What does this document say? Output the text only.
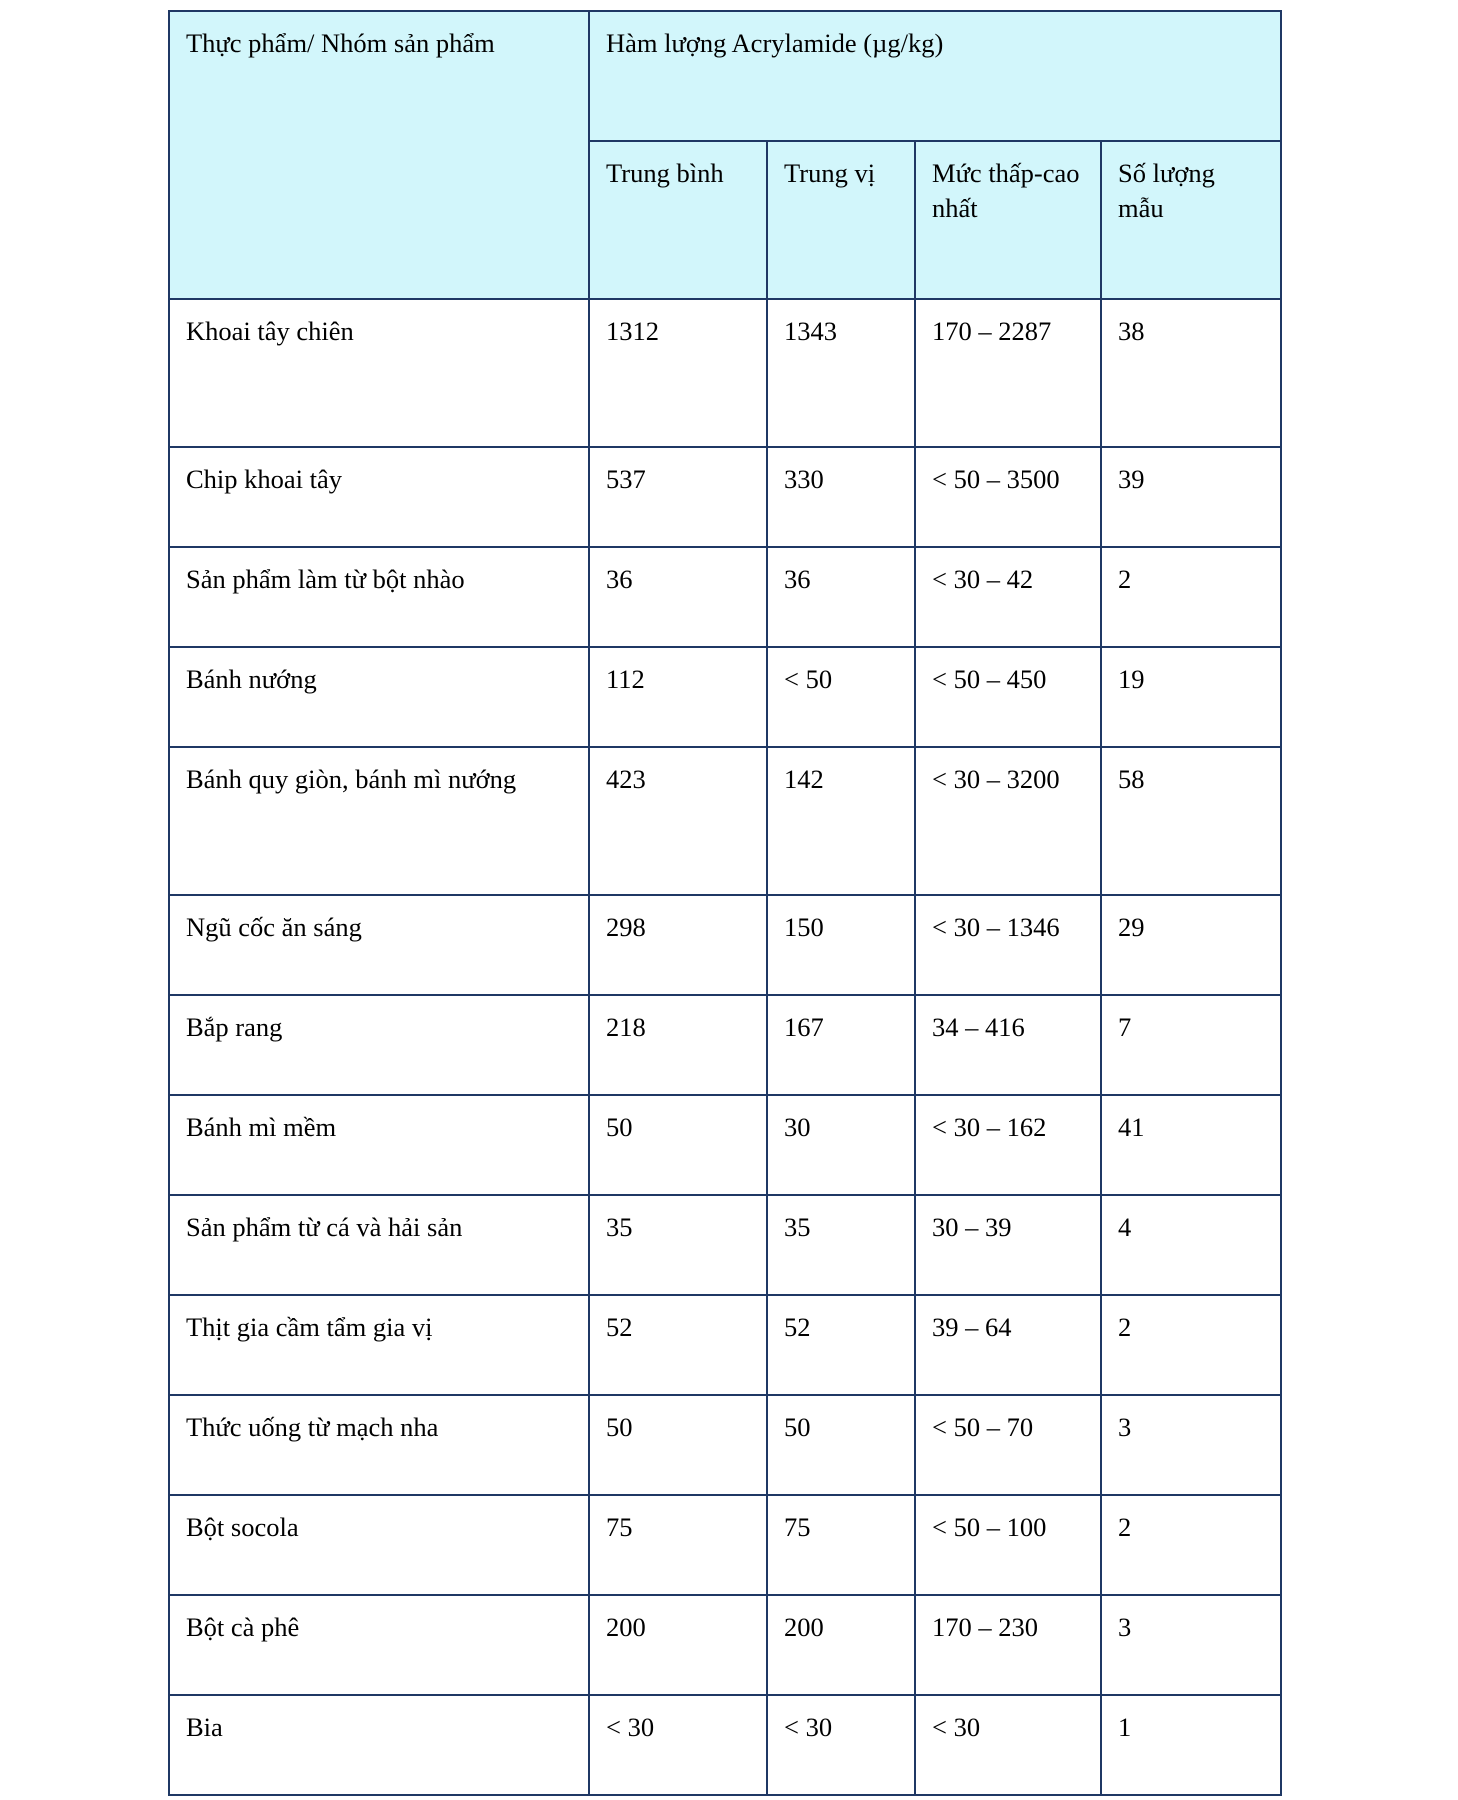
Thực phẩm/ Nhóm sản phẩm	Hàm lượng Acrylamide (µg/kg)			
	Trung bình	Trung vị	Mức thấp-cao nhất	Số lượng mẫu
Khoai tây chiên	1312	1343	170 – 2287	38
Chip khoai tây	537	330	< 50 – 3500	39
Sản phẩm làm từ bột nhào	36	36	< 30 – 42	2
Bánh nướng	112	< 50	< 50 – 450	19
Bánh quy giòn, bánh mì nướng	423	142	< 30 – 3200	58
Ngũ cốc ăn sáng	298	150	< 30 – 1346	29
Bắp rang	218	167	34 – 416	7
Bánh mì mềm	50	30	< 30 – 162	41
Sản phẩm từ cá và hải sản	35	35	30 – 39	4
Thịt gia cầm tẩm gia vị	52	52	39 – 64	2
Thức uống từ mạch nha	50	50	< 50 – 70	3
Bột socola	75	75	< 50 – 100	2
Bột cà phê	200	200	170 – 230	3
Bia	< 30	< 30	< 30	1
